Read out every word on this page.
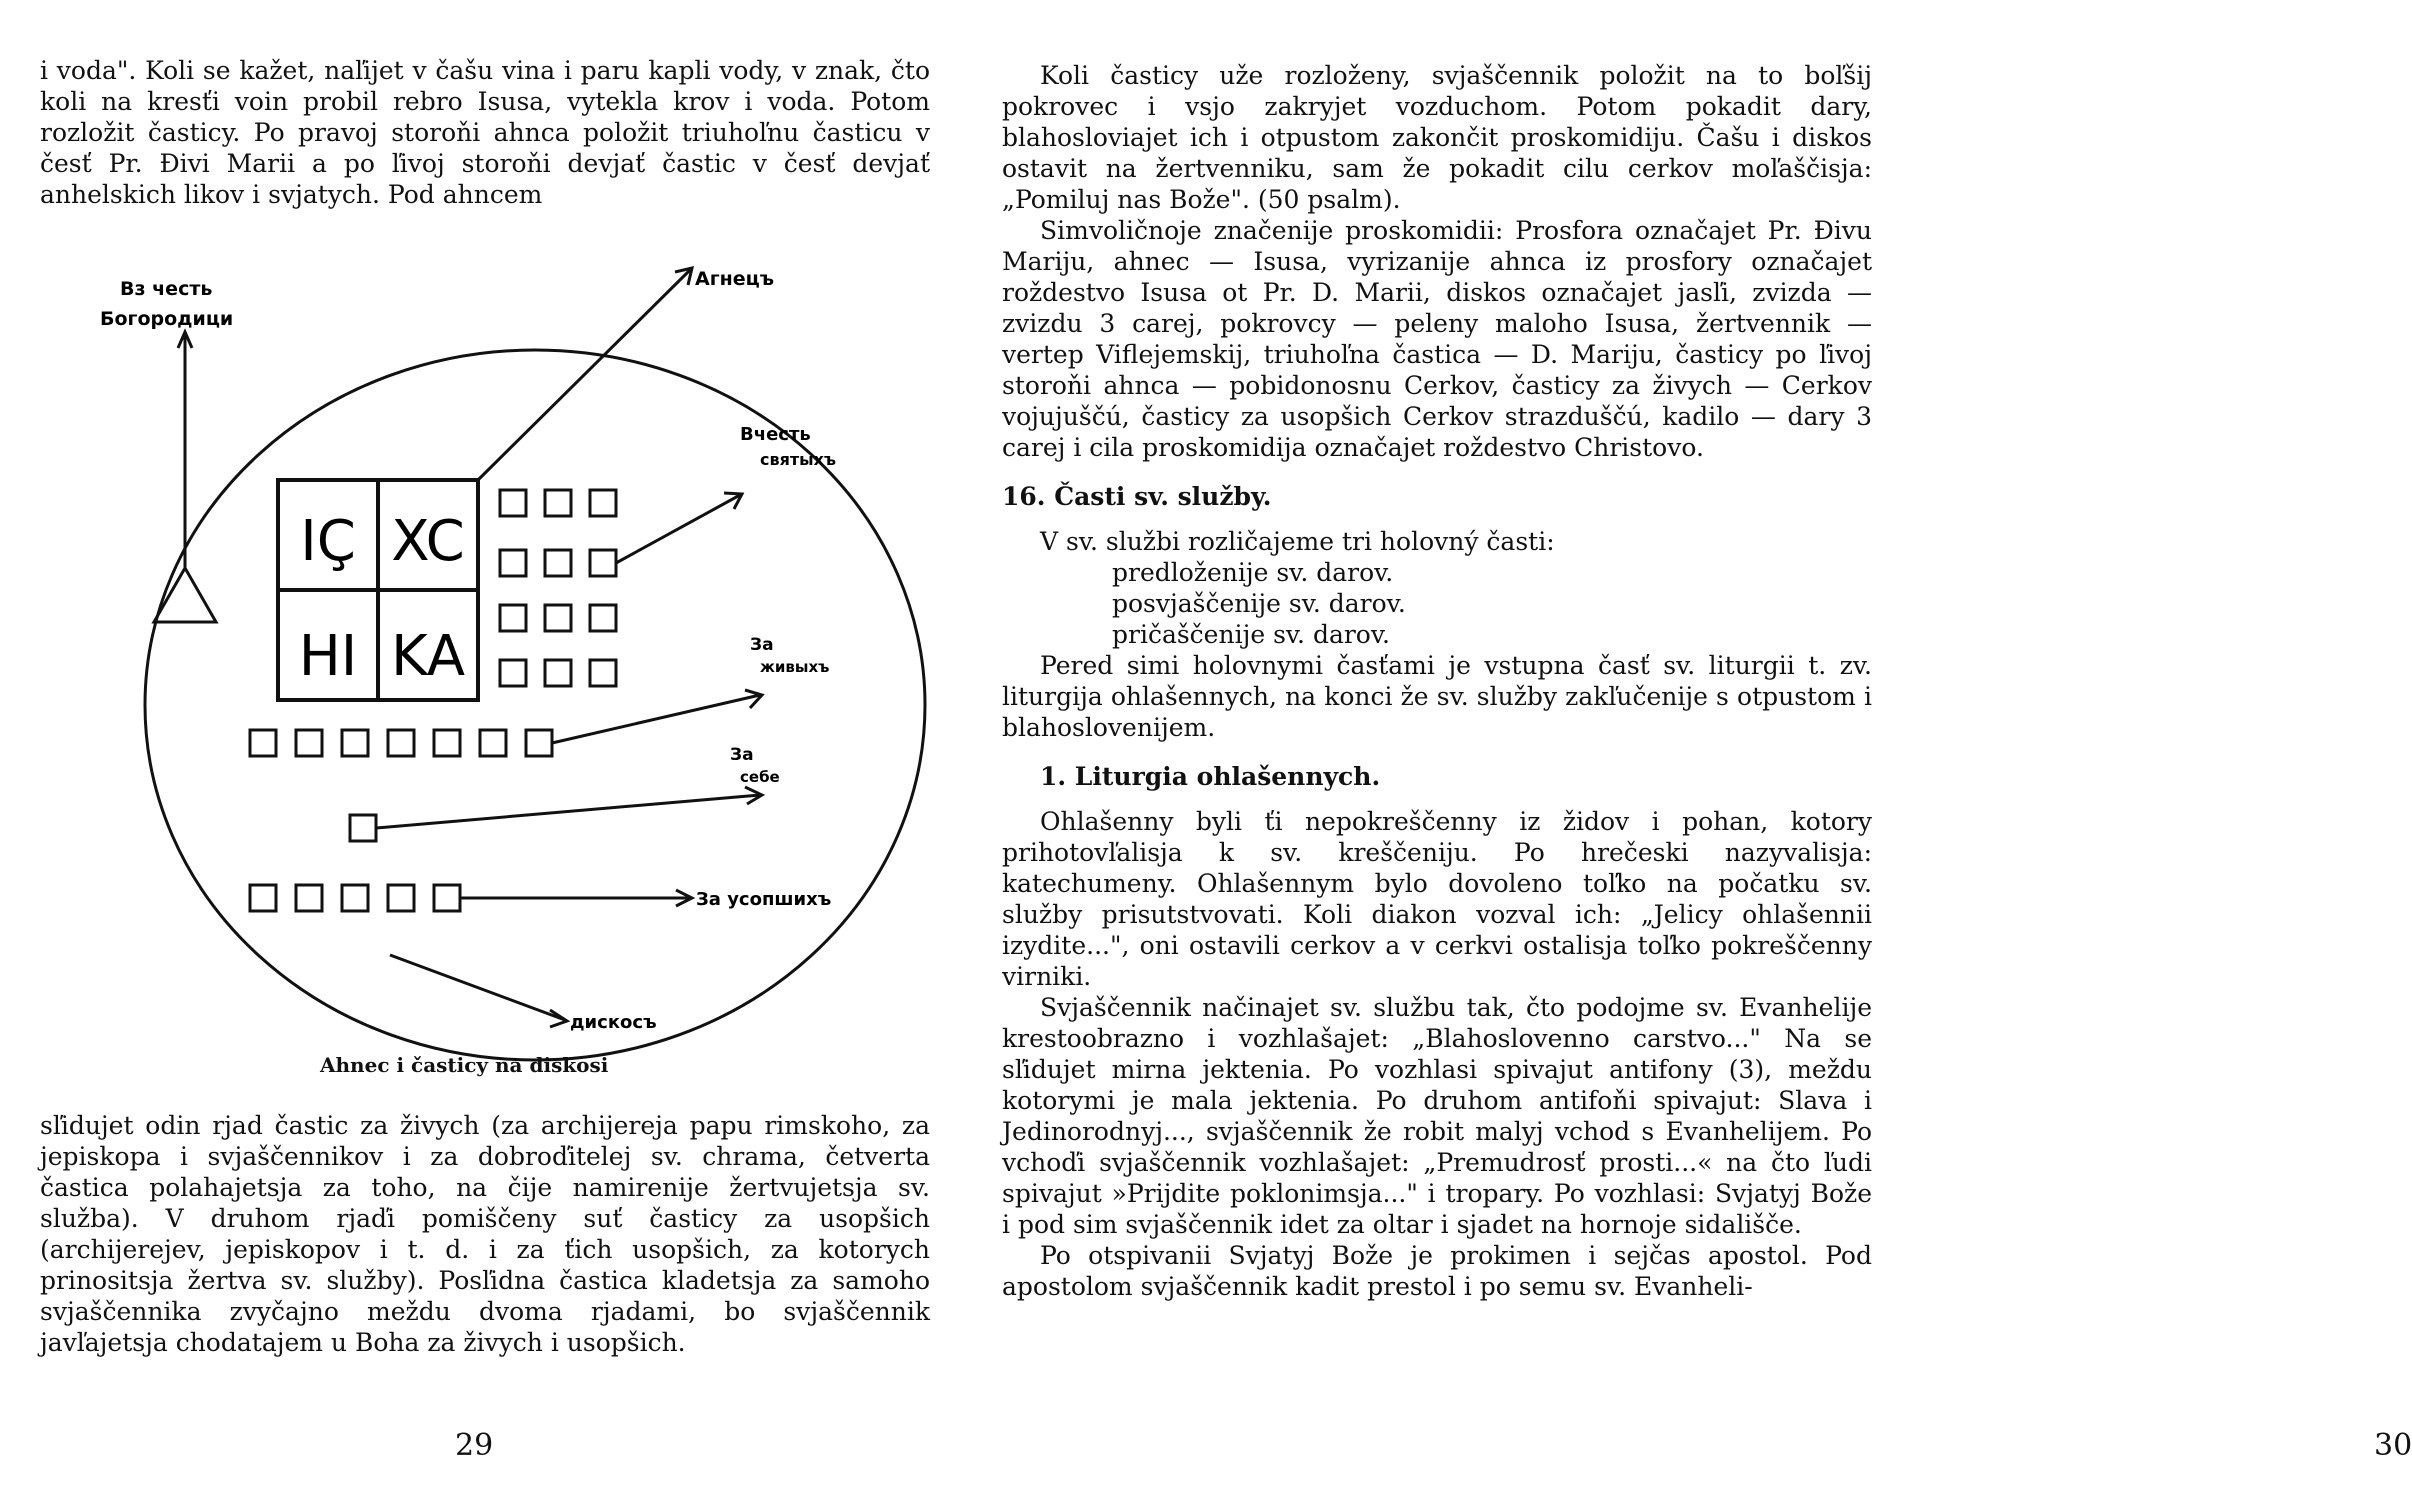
i voda". Koli se kažet, naľijet v čašu vina i paru kapli vody, v znak, čto koli na kresťi voin probil rebro Isusa, vytekla krov i voda. Potom rozložit časticy. Po pravoj storoňi ahnca položit triuhoľnu časticu v česť Pr. Đivi Marii a po ľivoj storoňi devjať častic v česť devjať anhelskich likov i svjatych. Pod ahncem

Вз честь
Богородици
IÇ XC
HI KA
Агнецъ
Вчесть
святыхъ
За
живыхъ
За
себе
За усопшихъ
дискосъ
Ahnec i časticy na diskosi

sľidujet odin rjad častic za živych (za archijereja papu rimskoho, za jepiskopa i svjaščennikov i za dobroďitelej sv. chrama, četverta častica polahajetsja za toho, na čije namirenije žertvujetsja sv. služba). V druhom rjaďi pomiščeny suť časticy za usopšich (archijerejev, jepiskopov i t. d. i za ťich usopšich, za kotorych prinositsja žertva sv. služby). Posľidna častica kladetsja za samoho svjaščennika zvyčajno meždu dvoma rjadami, bo svjaščennik javľajetsja chodatajem u Boha za živych i usopšich.

29

Koli časticy uže rozloženy, svjaščennik položit na to boľšij pokrovec i vsjo zakryjet vozduchom. Potom pokadit dary, blahosloviajet ich i otpustom zakončit proskomidiju. Čašu i diskos ostavit na žertvenniku, sam že pokadit cilu cerkov moľaščisja: „Pomiluj nas Bože". (50 psalm).

Simvoličnoje značenije proskomidii: Prosfora označajet Pr. Đivu Mariju, ahnec — Isusa, vyrizanije ahnca iz prosfory označajet roždestvo Isusa ot Pr. D. Marii, diskos označajet jasľi, zvizda — zvizdu 3 carej, pokrovcy — peleny maloho Isusa, žertvennik — vertep Viflejemskij, triuhoľna častica — D. Mariju, časticy po ľivoj storoňi ahnca — pobidonosnu Cerkov, časticy za živych — Cerkov vojujuščú, časticy za usopšich Cerkov strazduščú, kadilo — dary 3 carej i cila proskomidija označajet roždestvo Christovo.

16. Časti sv. služby.

V sv. službi rozličajeme tri holovný časti:

predloženije sv. darov.

posvjaščenije sv. darov.

pričaščenije sv. darov.

Pered simi holovnymi časťami je vstupna časť sv. liturgii t. zv. liturgija ohlašennych, na konci že sv. služby zakľučenije s otpustom i blahoslovenijem.

1. Liturgia ohlašennych.

Ohlašenny byli ťi nepokreščenny iz židov i pohan, kotory prihotovľalisja k sv. kreščeniju. Po hrečeski nazyvalisja: katechumeny. Ohlašennym bylo dovoleno toľko na počatku sv. služby prisutstvovati. Koli diakon vozval ich: „Jelicy ohlašennii izydite...", oni ostavili cerkov a v cerkvi ostalisja toľko pokreščenny virniki.

Svjaščennik načinajet sv. službu tak, čto podojme sv. Evanhelije krestoobrazno i vozhlašajet: „Blahoslovenno carstvo..." Na se sľidujet mirna jektenia. Po vozhlasi spivajut antifony (3), meždu kotorymi je mala jektenia. Po druhom antifoňi spivajut: Slava i Jedinorodnyj..., svjaščennik že robit malyj vchod s Evanhelijem. Po vchoďi svjaščennik vozhlašajet: „Premudrosť prosti...« na čto ľudi spivajut »Prijdite poklonimsja..." i tropary. Po vozhlasi: Svjatyj Bože i pod sim svjaščennik idet za oltar i sjadet na hornoje sidališče.

Po otspivanii Svjatyj Bože je prokimen i sejčas apostol. Pod apostolom svjaščennik kadit prestol i po semu sv. Evanheli-

30
